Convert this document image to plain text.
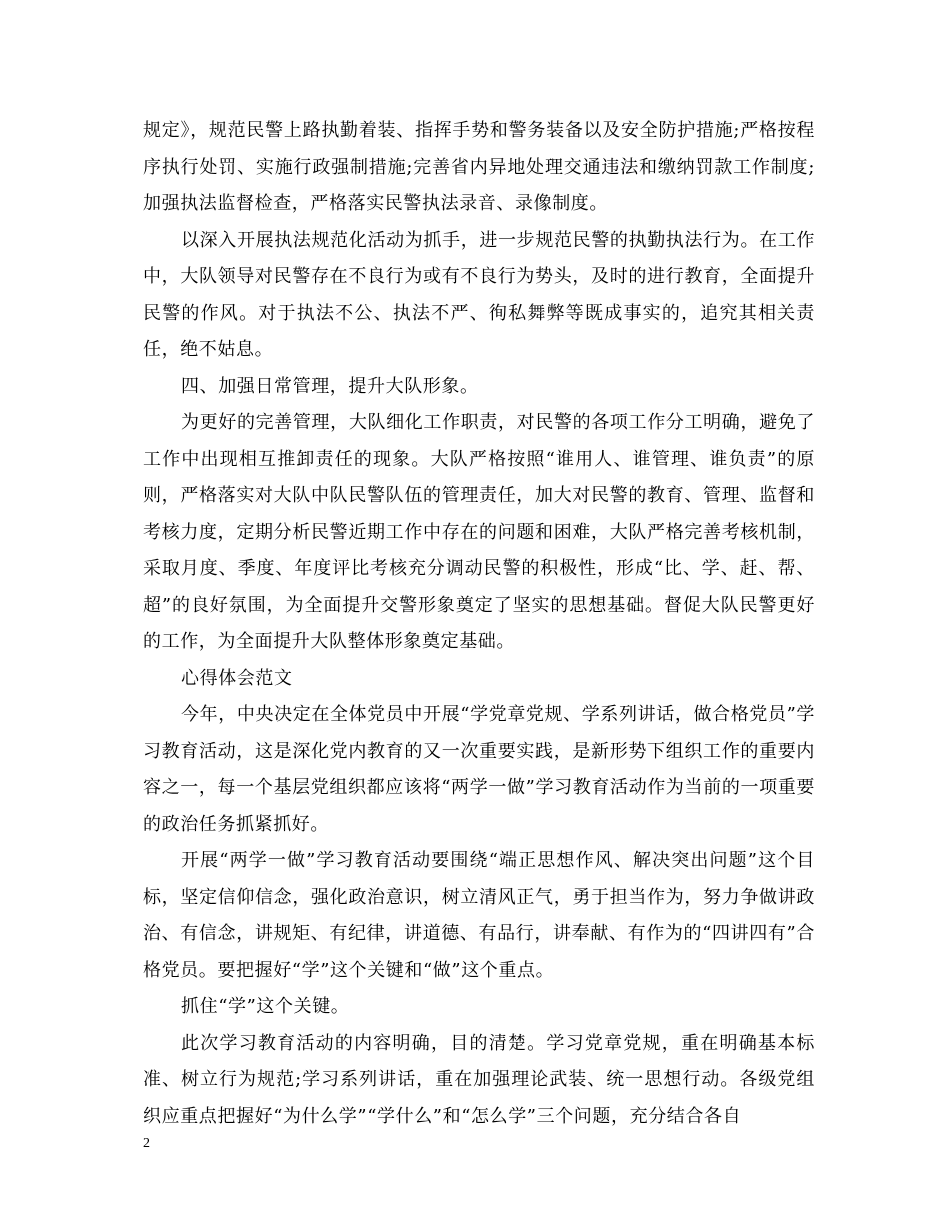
规定》，规范民警上路执勤着装、指挥手势和警务装备以及安全防护措施;严格按程序执行处罚、实施行政强制措施;完善省内异地处理交通违法和缴纳罚款工作制度;加强执法监督检查，严格落实民警执法录音、录像制度。

以深入开展执法规范化活动为抓手，进一步规范民警的执勤执法行为。在工作中，大队领导对民警存在不良行为或有不良行为势头，及时的进行教育，全面提升民警的作风。对于执法不公、执法不严、徇私舞弊等既成事实的，追究其相关责任，绝不姑息。

四、加强日常管理，提升大队形象。

为更好的完善管理，大队细化工作职责，对民警的各项工作分工明确，避免了工作中出现相互推卸责任的现象。大队严格按照“谁用人、谁管理、谁负责”的原则，严格落实对大队中队民警队伍的管理责任，加大对民警的教育、管理、监督和考核力度，定期分析民警近期工作中存在的问题和困难，大队严格完善考核机制，采取月度、季度、年度评比考核充分调动民警的积极性，形成“比、学、赶、帮、超”的良好氛围，为全面提升交警形象奠定了坚实的思想基础。督促大队民警更好的工作，为全面提升大队整体形象奠定基础。

心得体会范文

今年，中央决定在全体党员中开展“学党章党规、学系列讲话，做合格党员”学习教育活动，这是深化党内教育的又一次重要实践，是新形势下组织工作的重要内容之一，每一个基层党组织都应该将“两学一做”学习教育活动作为当前的一项重要的政治任务抓紧抓好。

开展“两学一做”学习教育活动要围绕“端正思想作风、解决突出问题”这个目标，坚定信仰信念，强化政治意识，树立清风正气，勇于担当作为，努力争做讲政治、有信念，讲规矩、有纪律，讲道德、有品行，讲奉献、有作为的“四讲四有”合格党员。要把握好“学”这个关键和“做”这个重点。

抓住“学”这个关键。

此次学习教育活动的内容明确，目的清楚。学习党章党规，重在明确基本标准、树立行为规范;学习系列讲话，重在加强理论武装、统一思想行动。各级党组织应重点把握好“为什么学”“学什么”和“怎么学”三个问题，充分结合各自

2
